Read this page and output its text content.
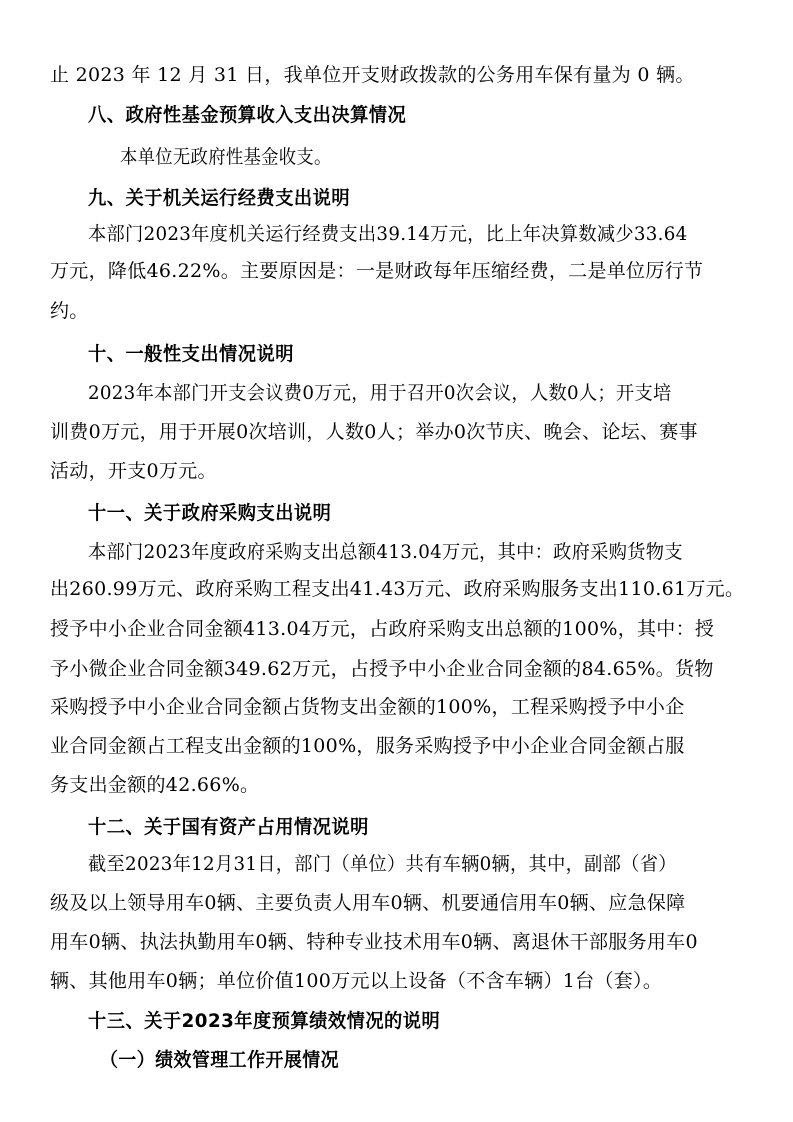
止 2023 年 12 月 31 日，我单位开支财政拨款的公务用车保有量为 0 辆。
八、政府性基金预算收入支出决算情况
本单位无政府性基金收支。
九、关于机关运行经费支出说明
本部门2023年度机关运行经费支出39.14万元，比上年决算数减少33.64
万元，降低46.22%。主要原因是：一是财政每年压缩经费，二是单位厉行节
约。
十、一般性支出情况说明
2023年本部门开支会议费0万元，用于召开0次会议，人数0人；开支培
训费0万元，用于开展0次培训，人数0人；举办0次节庆、晚会、论坛、赛事
活动，开支0万元。
十一、关于政府采购支出说明
本部门2023年度政府采购支出总额413.04万元，其中：政府采购货物支
出260.99万元、政府采购工程支出41.43万元、政府采购服务支出110.61万元。
授予中小企业合同金额413.04万元，占政府采购支出总额的100%，其中：授
予小微企业合同金额349.62万元，占授予中小企业合同金额的84.65%。货物
采购授予中小企业合同金额占货物支出金额的100%，工程采购授予中小企
业合同金额占工程支出金额的100%，服务采购授予中小企业合同金额占服
务支出金额的42.66%。
十二、关于国有资产占用情况说明
截至2023年12月31日，部门（单位）共有车辆0辆，其中，副部（省）
级及以上领导用车0辆、主要负责人用车0辆、机要通信用车0辆、应急保障
用车0辆、执法执勤用车0辆、特种专业技术用车0辆、离退休干部服务用车0
辆、其他用车0辆；单位价值100万元以上设备（不含车辆）1台（套）。
十三、关于2023年度预算绩效情况的说明
（一）绩效管理工作开展情况
